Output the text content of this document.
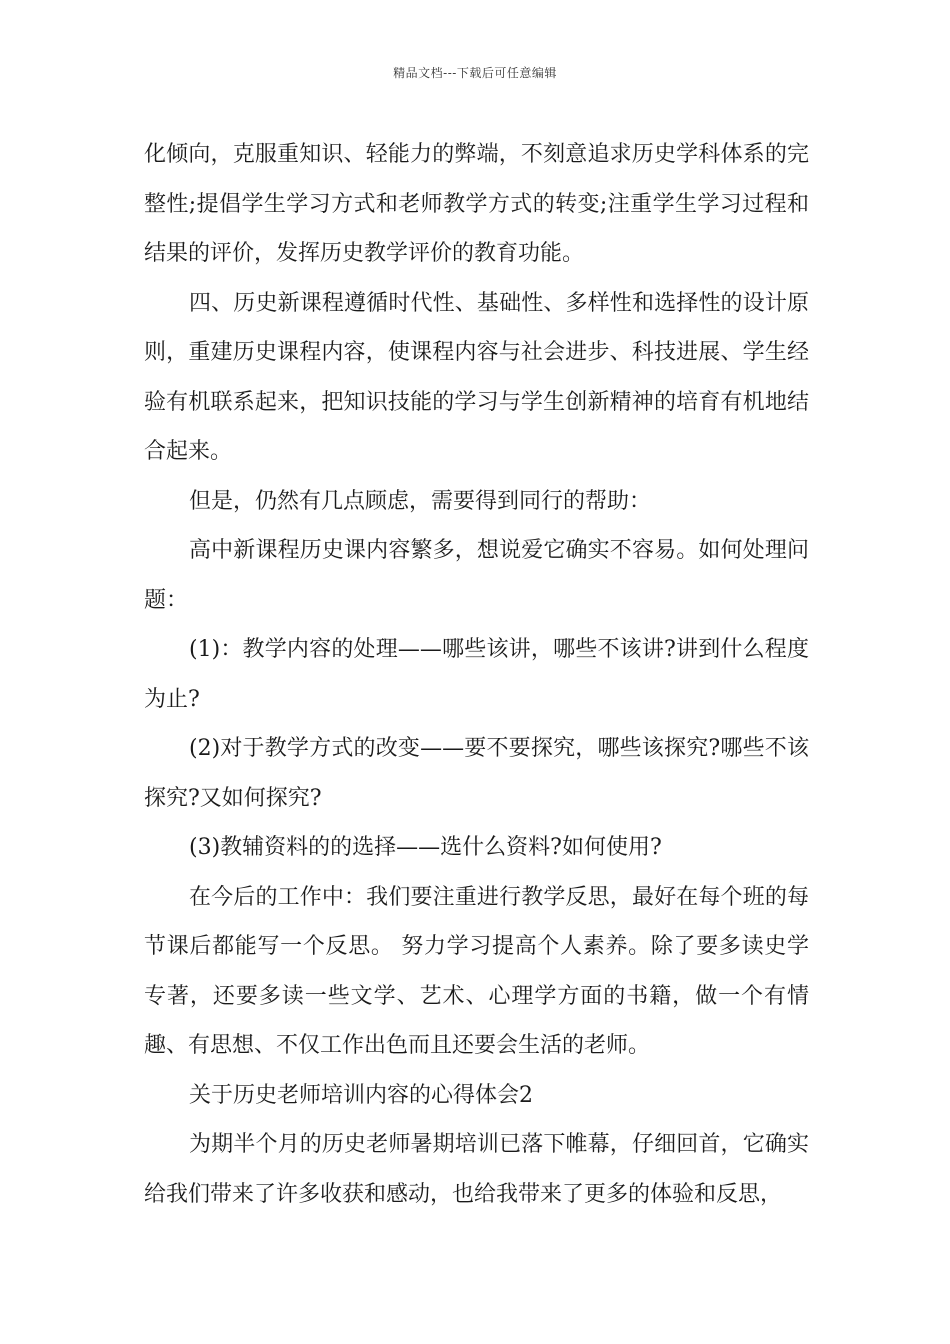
精品文档---下载后可任意编辑

化倾向，克服重知识、轻能力的弊端，不刻意追求历史学科体系的完整性;提倡学生学习方式和老师教学方式的转变;注重学生学习过程和结果的评价，发挥历史教学评价的教育功能。

四、历史新课程遵循时代性、基础性、多样性和选择性的设计原则，重建历史课程内容，使课程内容与社会进步、科技进展、学生经验有机联系起来，把知识技能的学习与学生创新精神的培育有机地结合起来。

但是，仍然有几点顾虑，需要得到同行的帮助：

高中新课程历史课内容繁多，想说爱它确实不容易。如何处理问题：

(1)：教学内容的处理——哪些该讲，哪些不该讲?讲到什么程度为止?

(2)对于教学方式的改变——要不要探究，哪些该探究?哪些不该探究?又如何探究?

(3)教辅资料的的选择——选什么资料?如何使用?

在今后的工作中：我们要注重进行教学反思，最好在每个班的每节课后都能写一个反思。 努力学习提高个人素养。除了要多读史学专著，还要多读一些文学、艺术、心理学方面的书籍，做一个有情趣、有思想、不仅工作出色而且还要会生活的老师。

关于历史老师培训内容的心得体会2

为期半个月的历史老师暑期培训已落下帷幕，仔细回首，它确实给我们带来了许多收获和感动，也给我带来了更多的体验和反思，
